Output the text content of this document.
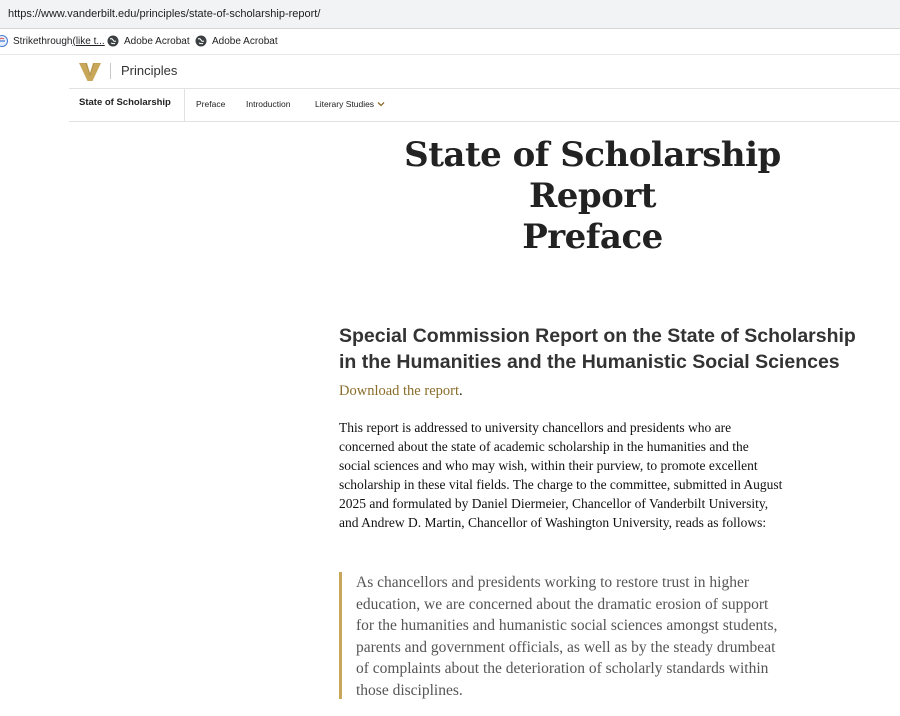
https://www.vanderbilt.edu/principles/state-of-scholarship-report/
Strikethrough (like t... Adobe Acrobat Adobe Acrobat
Principles
State of Scholarship	Preface Introduction	Literary Studies
State of Scholarship Report
Preface
Special Commission Report on the State of Scholarship in the Humanities and the Humanistic Social Sciences

Download the report.

This report is addressed to university chancellors and presidents who are
concerned about the state of academic scholarship in the humanities and the
social sciences and who may wish, within their purview, to promote excellent
scholarship in these vital fields. The charge to the committee, submitted in August
2025 and formulated by Daniel Diermeier, Chancellor of Vanderbilt University,
and Andrew D. Martin, Chancellor of Washington University, reads as follows:

As chancellors and presidents working to restore trust in higher
education, we are concerned about the dramatic erosion of support
for the humanities and humanistic social sciences amongst students,
parents and government officials, as well as by the steady drumbeat
of complaints about the deterioration of scholarly standards within
those disciplines.
